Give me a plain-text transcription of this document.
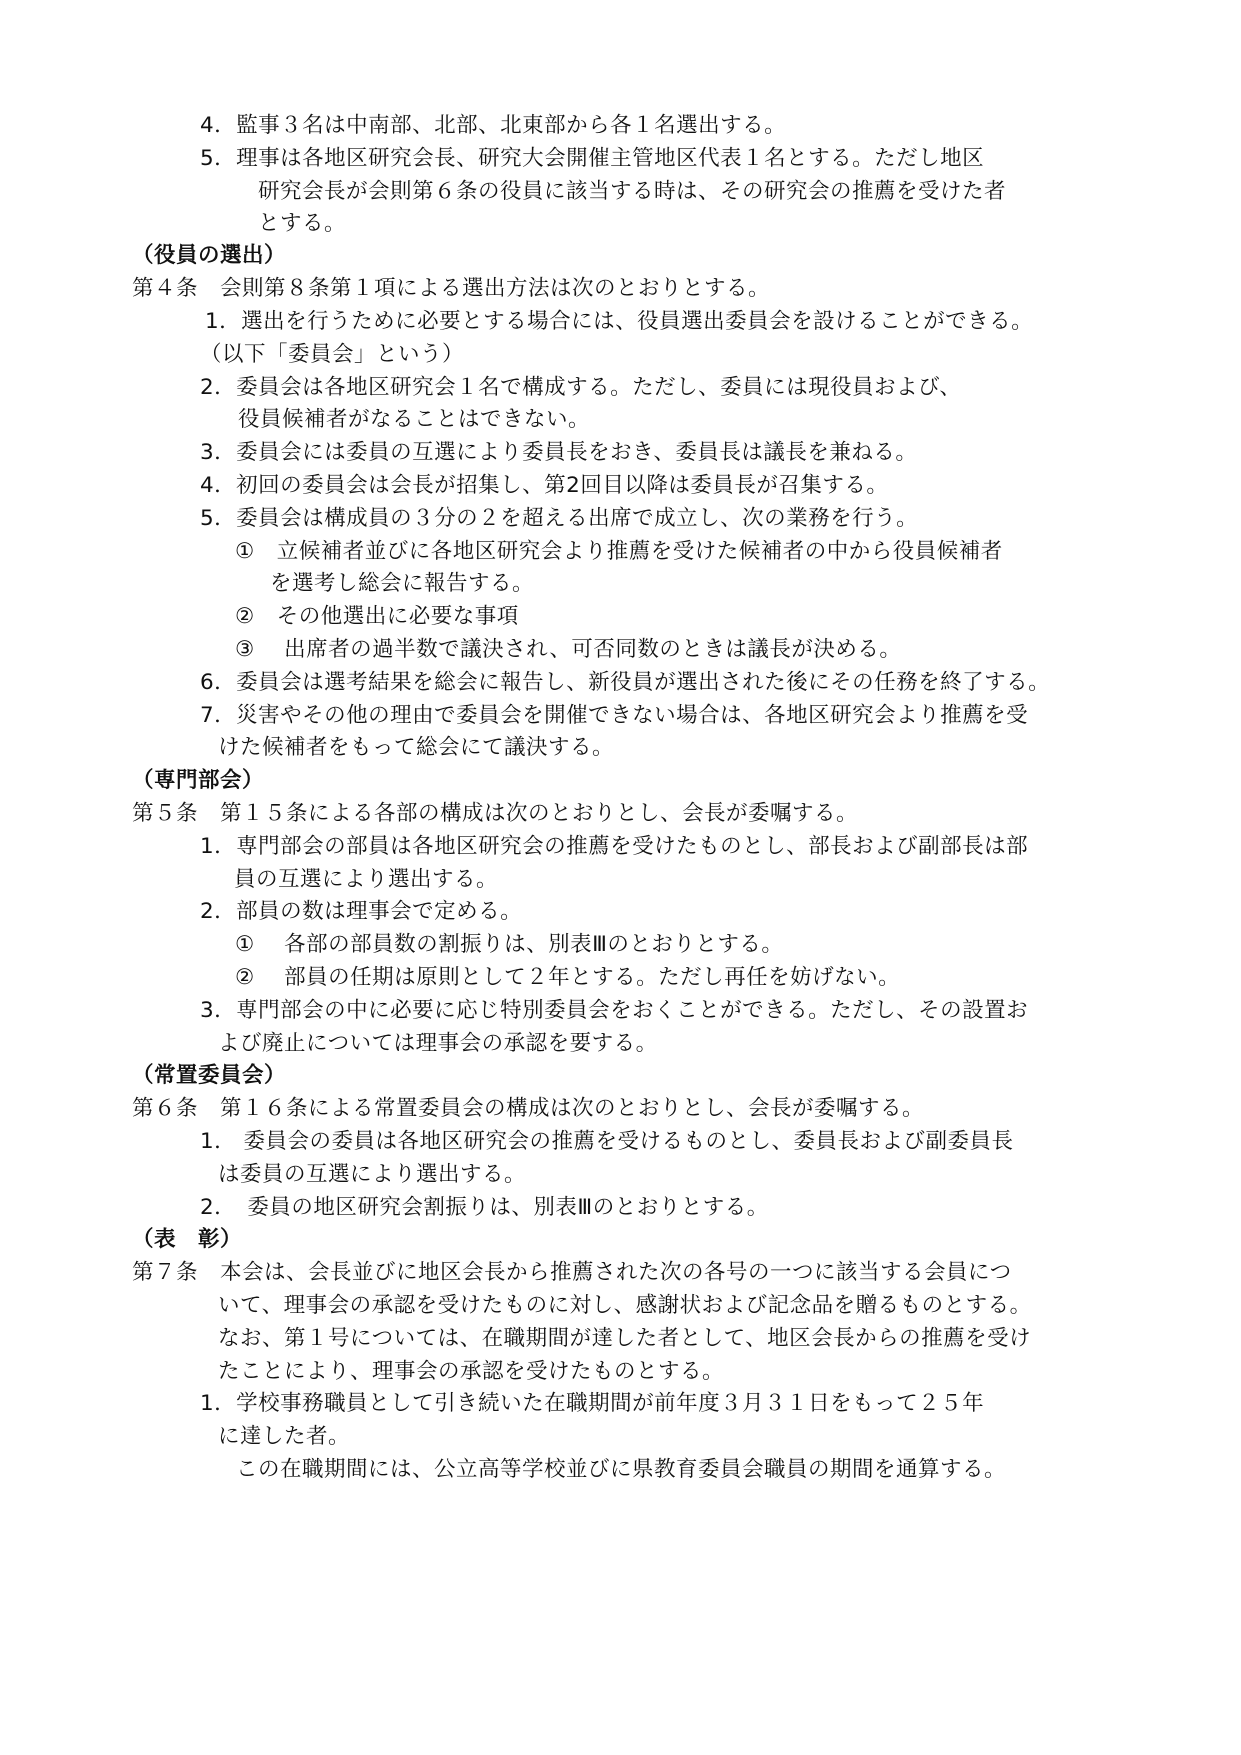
4．監事３名は中南部、北部、北東部から各１名選出する。
5．理事は各地区研究会長、研究大会開催主管地区代表１名とする。ただし地区
研究会長が会則第６条の役員に該当する時は、その研究会の推薦を受けた者
とする。
（役員の選出）
第４条　会則第８条第１項による選出方法は次のとおりとする。
1．選出を行うために必要とする場合には、役員選出委員会を設けることができる。
（以下「委員会」という）
2．委員会は各地区研究会１名で構成する。ただし、委員には現役員および、
役員候補者がなることはできない。
3．委員会には委員の互選により委員長をおき、委員長は議長を兼ねる。
4．初回の委員会は会長が招集し、第2回目以降は委員長が召集する。
5．委員会は構成員の３分の２を超える出席で成立し、次の業務を行う。
①　立候補者並びに各地区研究会より推薦を受けた候補者の中から役員候補者
を選考し総会に報告する。
②　その他選出に必要な事項
③　 出席者の過半数で議決され、可否同数のときは議長が決める。
6．委員会は選考結果を総会に報告し、新役員が選出された後にその任務を終了する。
7．災害やその他の理由で委員会を開催できない場合は、各地区研究会より推薦を受
けた候補者をもって総会にて議決する。
（専門部会）
第５条　第１５条による各部の構成は次のとおりとし、会長が委嘱する。
1．専門部会の部員は各地区研究会の推薦を受けたものとし、部長および副部長は部
員の互選により選出する。
2．部員の数は理事会で定める。
①　 各部の部員数の割振りは、別表Ⅲのとおりとする。
②　 部員の任期は原則として２年とする。ただし再任を妨げない。
3．専門部会の中に必要に応じ特別委員会をおくことができる。ただし、その設置お
よび廃止については理事会の承認を要する。
（常置委員会）
第６条　第１６条による常置委員会の構成は次のとおりとし、会長が委嘱する。
1． 委員会の委員は各地区研究会の推薦を受けるものとし、委員長および副委員長
は委員の互選により選出する。
2．　委員の地区研究会割振りは、別表Ⅲのとおりとする。
（表　彰）
第７条　本会は、会長並びに地区会長から推薦された次の各号の一つに該当する会員につ
いて、理事会の承認を受けたものに対し、感謝状および記念品を贈るものとする。
なお、第１号については、在職期間が達した者として、地区会長からの推薦を受け
たことにより、理事会の承認を受けたものとする。
1．学校事務職員として引き続いた在職期間が前年度３月３１日をもって２５年
に達した者。
この在職期間には、公立高等学校並びに県教育委員会職員の期間を通算する。
